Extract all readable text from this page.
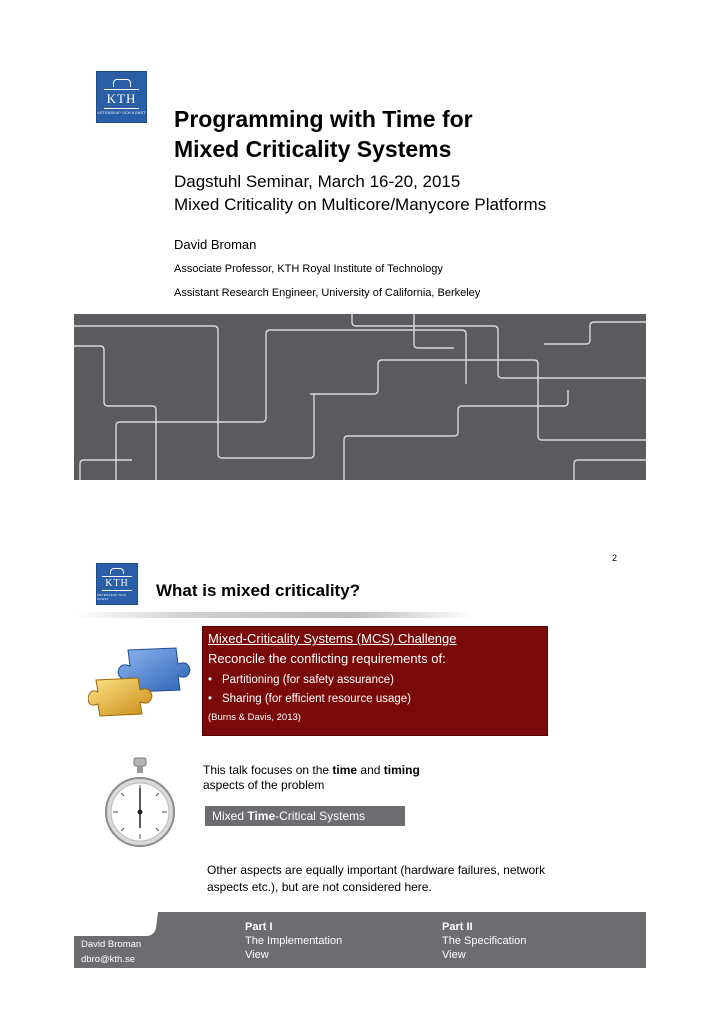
KTH
VETENSKAP OCH KONST Programming with Time for
Mixed Criticality Systems
Dagstuhl Seminar, March 16-20, 2015
Mixed Criticality on Multicore/Manycore Platforms
David Broman
Associate Professor, KTH Royal Institute of Technology
Assistant Research Engineer, University of California, Berkeley
2
KTH
VETENSKAP OCH KONST	What is mixed criticality?
Mixed-Criticality Systems (MCS) Challenge
Reconcile the conflicting requirements of:
• Partitioning (for safety assurance)
• Sharing (for efficient resource usage)
(Burns & Davis, 2013)
This talk focuses on the time and timing
aspects of the problem
Mixed Time-Critical Systems
Other aspects are equally important (hardware failures, network
aspects etc.), but are not considered here.
David Broman
dbro@kth.se
Part I
The Implementation
View
Part II
The Specification
View
